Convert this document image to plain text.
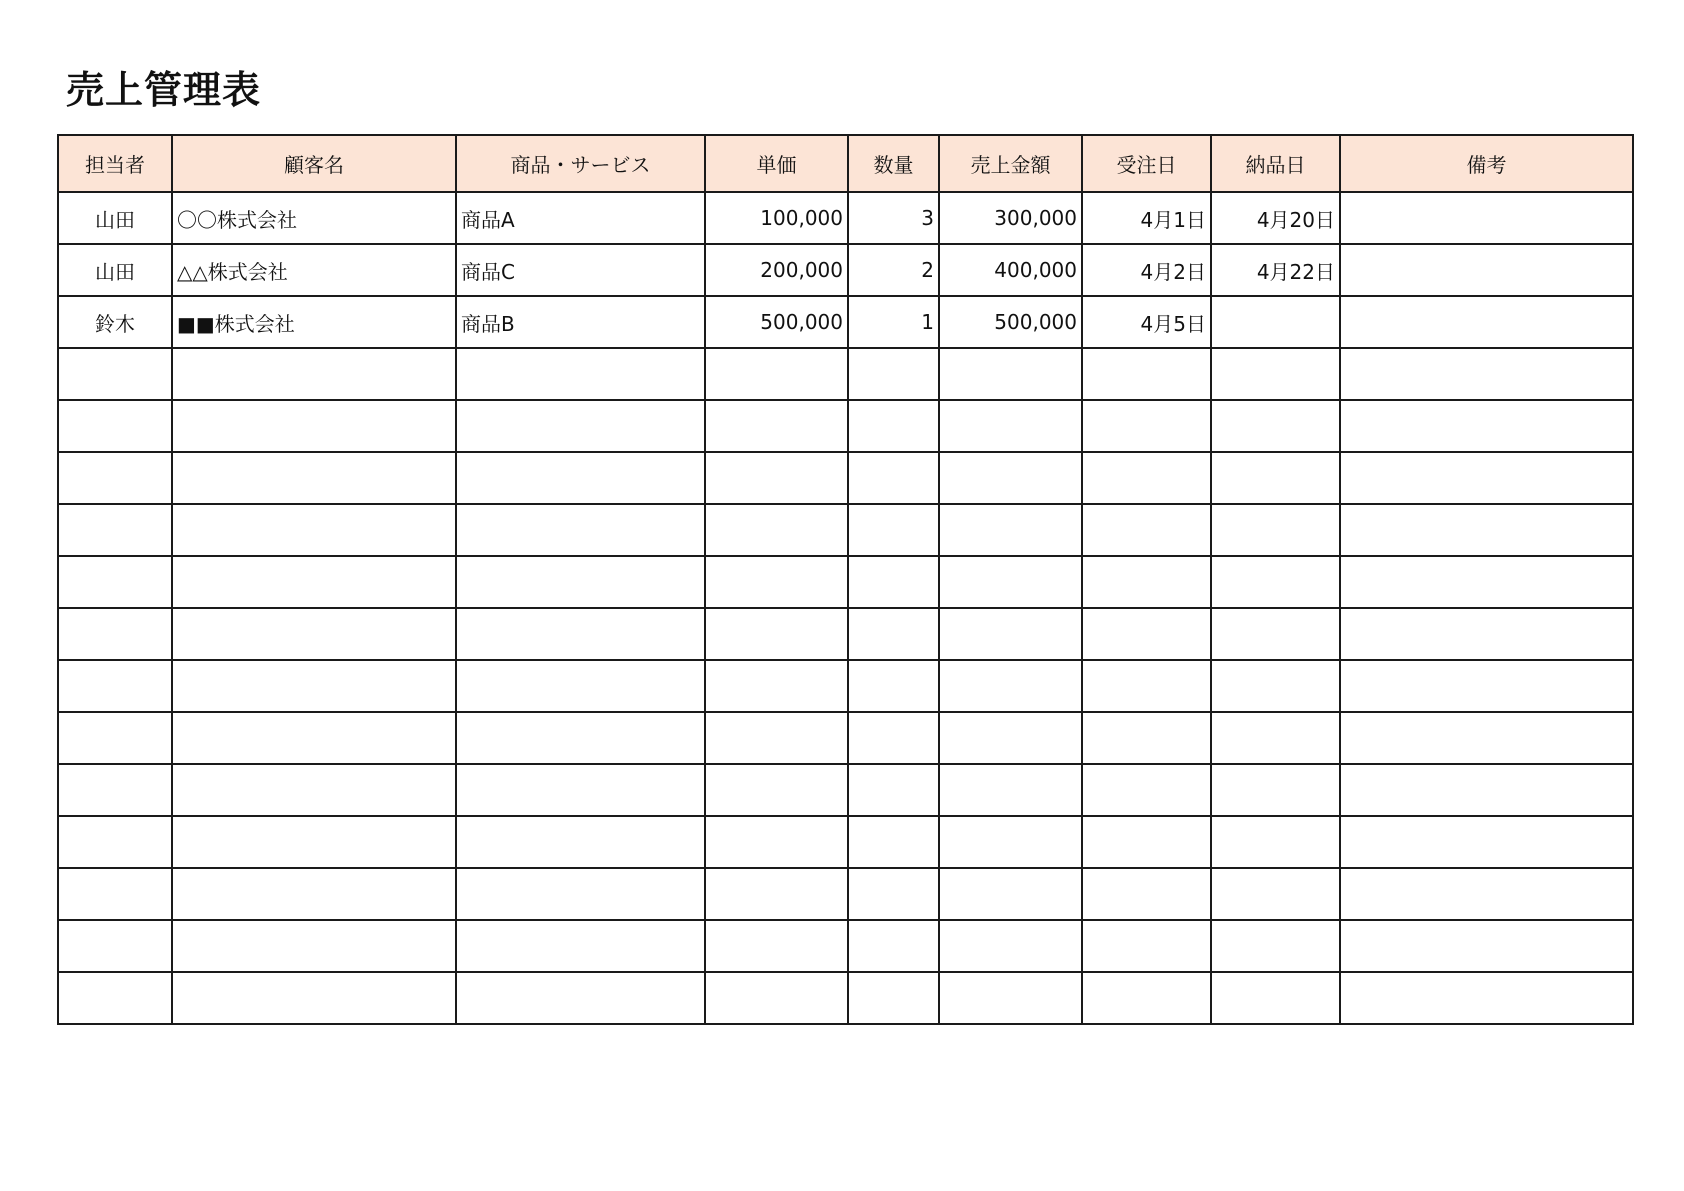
売上管理表
担当者	顧客名	商品・サービス	単価	数量	売上金額	受注日	納品日	備考
山田	〇〇株式会社	商品A	100,000	3	300,000	4月1日	4月20日	
山田	△△株式会社	商品C	200,000	2	400,000	4月2日	4月22日	
鈴木	■■株式会社	商品B	500,000	1	500,000	4月5日		
